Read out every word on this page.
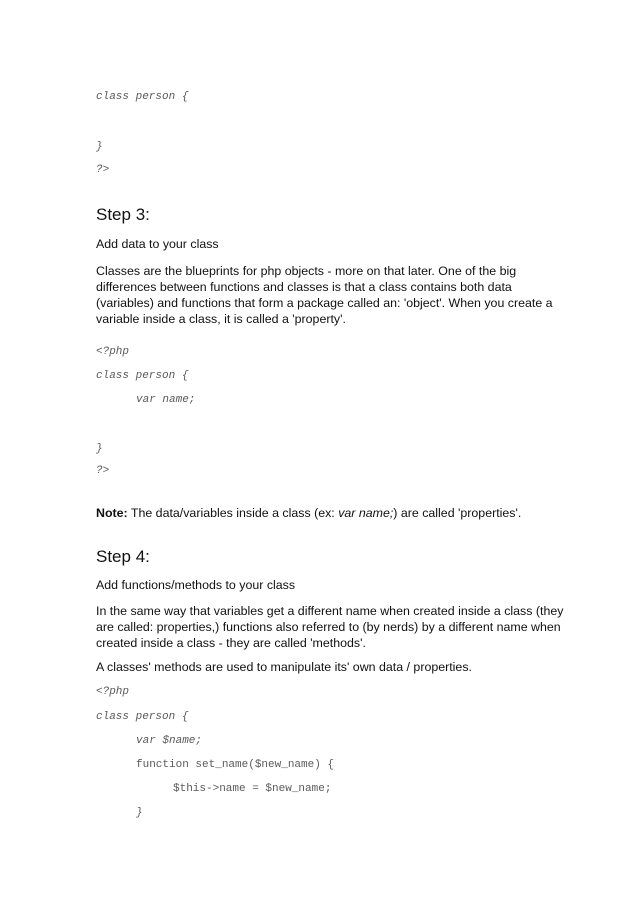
class person {

}

?>

Step 3:

Add data to your class

Classes are the blueprints for php objects - more on that later. One of the big
differences between functions and classes is that a class contains both data
(variables) and functions that form a package called an: 'object'. When you create a
variable inside a class, it is called a 'property'.

<?php

class person {

var name;

}

?>

Note: The data/variables inside a class (ex: var name;) are called 'properties'.

Step 4:

Add functions/methods to your class

In the same way that variables get a different name when created inside a class (they
are called: properties,) functions also referred to (by nerds) by a different name when
created inside a class - they are called 'methods'.

A classes' methods are used to manipulate its' own data / properties.

<?php

class person {

var $name;

function set_name($new_name) {

$this->name = $new_name;

}
